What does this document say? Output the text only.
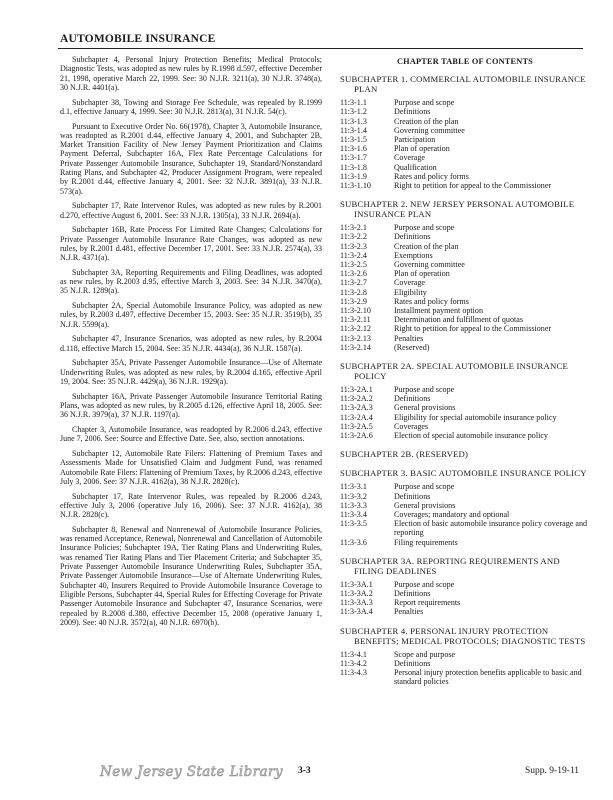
AUTOMOBILE INSURANCE

Subchapter 4, Personal Injury Protection Benefits; Medical Protocols; Diagnostic Tests, was adopted as new rules by R.1998 d.597, effective December 21, 1998, operative March 22, 1999. See: 30 N.J.R. 3211(a), 30 N.J.R. 3748(a), 30 N.J.R. 4401(a).

Subchapter 38, Towing and Storage Fee Schedule, was repealed by R.1999 d.1, effective January 4, 1999. See: 30 N.J.R. 2813(a), 31 N.J.R. 54(c).

Pursuant to Executive Order No. 66(1978), Chapter 3, Automobile Insurance, was readopted as R.2001 d.44, effective January 4, 2001, and Subchapter 2B, Market Transition Facility of New Jersey Payment Prioritization and Claims Payment Deferral, Subchapter 16A, Flex Rate Percentage Calculations for Private Passenger Automobile Insurance, Subchapter 19, Standard/Nonstandard Rating Plans, and Subchapter 42, Producer Assignment Program, were repealed by R.2001 d.44, effective January 4, 2001. See: 32 N.J.R. 3891(a), 33 N.J.R. 573(a).

Subchapter 17, Rate Intervenor Rules, was adopted as new rules by R.2001 d.270, effective August 6, 2001. See: 33 N.J.R. 1305(a), 33 N.J.R. 2694(a).

Subchapter 16B, Rate Process For Limited Rate Changes; Calculations for Private Passenger Automobile Insurance Rate Changes, was adopted as new rules, by R.2001 d.481, effective December 17, 2001. See: 33 N.J.R. 2574(a), 33 N.J.R. 4371(a).

Subchapter 3A, Reporting Requirements and Filing Deadlines, was adopted as new rules, by R.2003 d.95, effective March 3, 2003. See: 34 N.J.R. 3470(a), 35 N.J.R. 1289(a).

Subchapter 2A, Special Automobile Insurance Policy, was adopted as new rules, by R.2003 d.497, effective December 15, 2003. See: 35 N.J.R. 3519(b), 35 N.J.R. 5599(a).

Subchapter 47, Insurance Scenarios, was adopted as new rules, by R.2004 d.118, effective March 15, 2004. See: 35 N.J.R. 4434(a), 36 N.J.R. 1587(a).

Subchapter 35A, Private Passenger Automobile Insurance—Use of Alternate Underwriting Rules, was adopted as new rules, by R.2004 d.165, effective April 19, 2004. See: 35 N.J.R. 4429(a), 36 N.J.R. 1929(a).

Subchapter 16A, Private Passenger Automobile Insurance Territorial Rating Plans, was adopted as new rules, by R.2005 d.126, effective April 18, 2005. See: 36 N.J.R. 3979(a), 37 N.J.R. 1197(a).

Chapter 3, Automobile Insurance, was readopted by R.2006 d.243, effective June 7, 2006. See: Source and Effective Date. See, also, section annotations.

Subchapter 12, Automobile Rate Filers: Flattening of Premium Taxes and Assessments Made for Unsatisfied Claim and Judgment Fund, was renamed Automobile Rate Filers: Flattening of Premium Taxes, by R.2006 d.243, effective July 3, 2006. See: 37 N.J.R. 4162(a), 38 N.J.R. 2828(c).

Subchapter 17, Rate Intervenor Rules, was repealed by R.2006 d.243, effective July 3, 2006 (operative July 16, 2006). See: 37 N.J.R. 4162(a), 38 N.J.R. 2828(c).

Subchapter 8, Renewal and Nonrenewal of Automobile Insurance Policies, was renamed Acceptance, Renewal, Nonrenewal and Cancellation of Automobile Insurance Policies; Subchapter 19A, Tier Rating Plans and Underwriting Rules, was renamed Tier Rating Plans and Tier Placement Criteria; and Subchapter 35, Private Passenger Automobile Insurance Underwriting Rules, Subchapter 35A, Private Passenger Automobile Insurance—Use of Alternate Underwriting Rules, Subchapter 40, Insurers Required to Provide Automobile Insurance Coverage to Eligible Persons, Subchapter 44, Special Rules for Effecting Coverage for Private Passenger Automobile Insurance and Subchapter 47, Insurance Scenarios, were repealed by R.2008 d.380, effective December 15, 2008 (operative January 1, 2009). See: 40 N.J.R. 3572(a), 40 N.J.R. 6970(b).

CHAPTER TABLE OF CONTENTS
SUBCHAPTER 1. COMMERCIAL AUTOMOBILE INSURANCE PLAN
11:3-1.1	Purpose and scope
11:3-1.2	Definitions
11:3-1.3	Creation of the plan
11:3-1.4	Governing committee
11:3-1.5	Participation
11:3-1.6	Plan of operation
11:3-1.7	Coverage
11:3-1.8	Qualification
11:3-1.9	Rates and policy forms
11:3-1.10	Right to petition for appeal to the Commissioner
SUBCHAPTER 2. NEW JERSEY PERSONAL AUTOMOBILE INSURANCE PLAN
11:3-2.1	Purpose and scope
11:3-2.2	Definitions
11:3-2.3	Creation of the plan
11:3-2.4	Exemptions
11:3-2.5	Governing committee
11:3-2.6	Plan of operation
11:3-2.7	Coverage
11:3-2.8	Eligibility
11:3-2.9	Rates and policy forms
11:3-2.10	Installment payment option
11:3-2.11	Determination and fulfillment of quotas
11:3-2.12	Right to petition for appeal to the Commissioner
11:3-2.13	Penalties
11:3-2.14	(Reserved)
SUBCHAPTER 2A. SPECIAL AUTOMOBILE INSURANCE POLICY
11:3-2A.1	Purpose and scope
11:3-2A.2	Definitions
11:3-2A.3	General provisions
11:3-2A.4	Eligibility for special automobile insurance policy
11:3-2A.5	Coverages
11:3-2A.6	Election of special automobile insurance policy
SUBCHAPTER 2B. (RESERVED)
SUBCHAPTER 3. BASIC AUTOMOBILE INSURANCE POLICY
11:3-3.1	Purpose and scope
11:3-3.2	Definitions
11:3-3.3	General provisions
11:3-3.4	Coverages; mandatory and optional
11:3-3.5	Election of basic automobile insurance policy coverage and reporting
11:3-3.6	Filing requirements
SUBCHAPTER 3A. REPORTING REQUIREMENTS AND FILING DEADLINES
11:3-3A.1	Purpose and scope
11:3-3A.2	Definitions
11:3-3A.3	Report requirements
11:3-3A.4	Penalties
SUBCHAPTER 4. PERSONAL INJURY PROTECTION BENEFITS; MEDICAL PROTOCOLS; DIAGNOSTIC TESTS
11:3-4.1	Scope and purpose
11:3-4.2	Definitions
11:3-4.3	Personal injury protection benefits applicable to basic and standard policies
New Jersey State Library 3-3	Supp. 9-19-11
